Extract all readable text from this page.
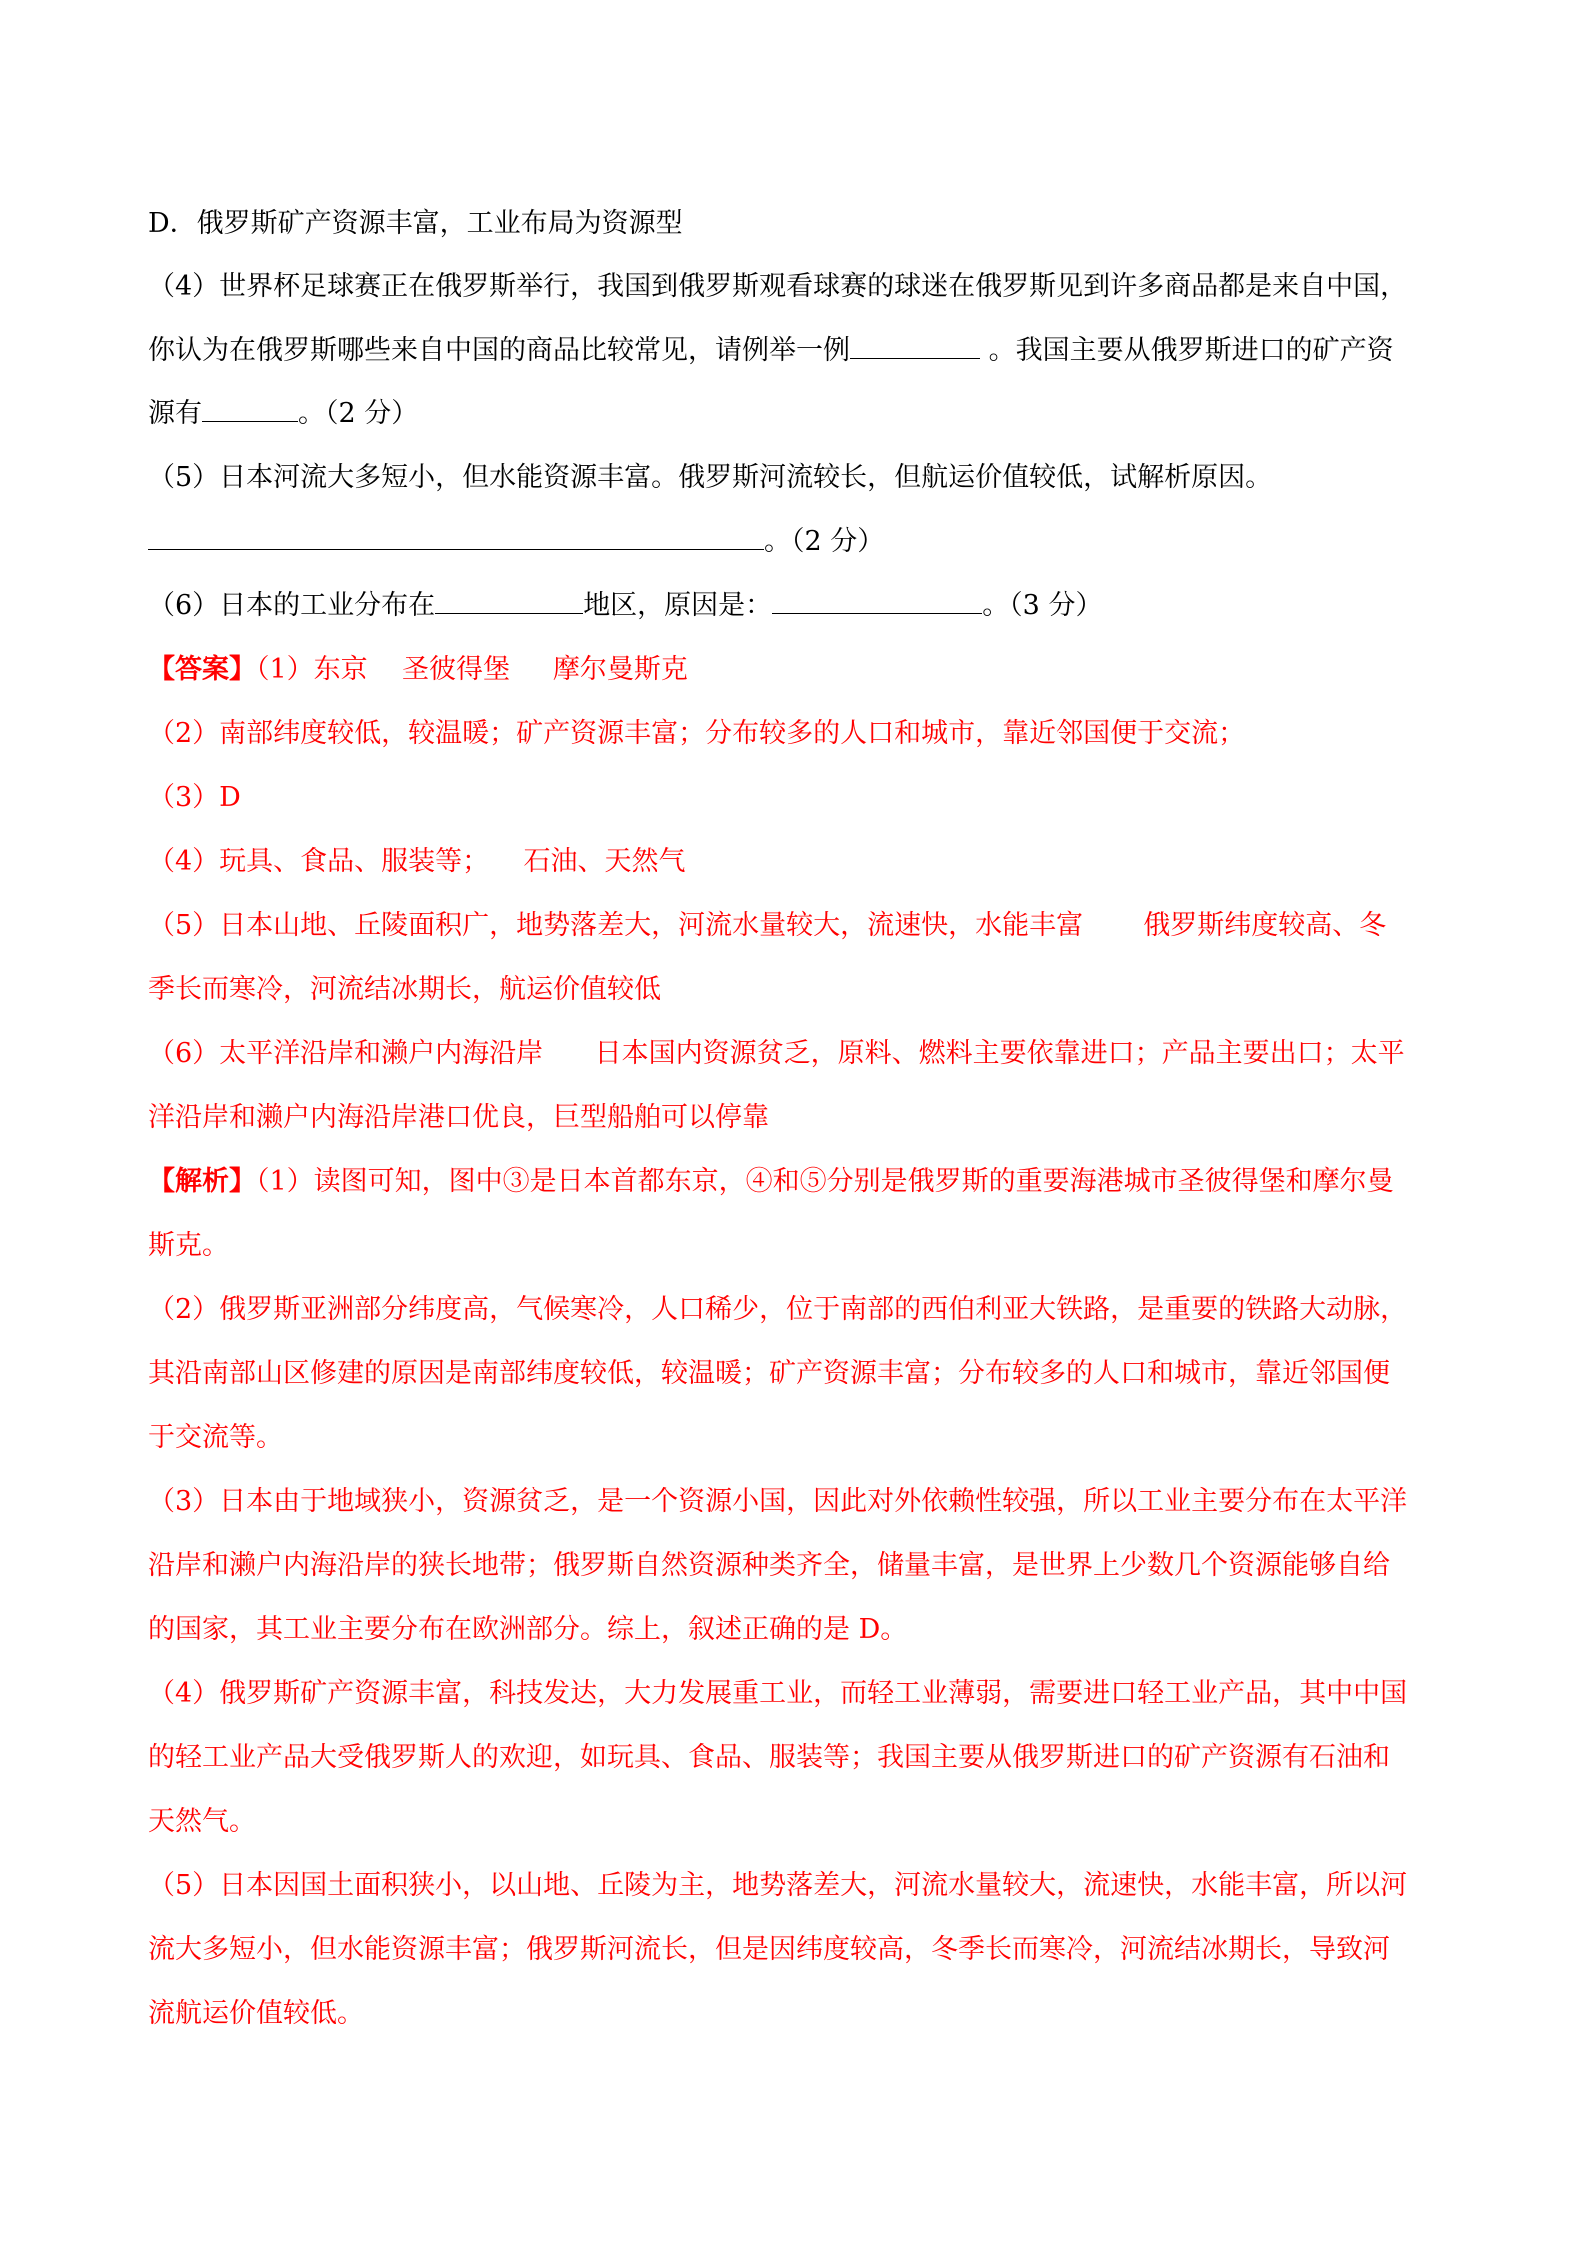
D．俄罗斯矿产资源丰富，工业布局为资源型
（4）世界杯足球赛正在俄罗斯举行，我国到俄罗斯观看球赛的球迷在俄罗斯见到许多商品都是来自中国，
你认为在俄罗斯哪些来自中国的商品比较常见，请例举一例	。我国主要从俄罗斯进口的矿产资
源有	。（2 分）
（5）日本河流大多短小，但水能资源丰富。俄罗斯河流较长，但航运价值较低，试解析原因。
。（2 分）
（6）日本的工业分布在	地区，原因是：	。（3 分）
【答案】（1）东京    圣彼得堡     摩尔曼斯克
（2）南部纬度较低，较温暖；矿产资源丰富；分布较多的人口和城市，靠近邻国便于交流；
（3）D
（4）玩具、食品、服装等；    石油、天然气
（5）日本山地、丘陵面积广，地势落差大，河流水量较大，流速快，水能丰富       俄罗斯纬度较高、冬
季长而寒冷，河流结冰期长，航运价值较低
（6）太平洋沿岸和濑户内海沿岸      日本国内资源贫乏，原料、燃料主要依靠进口；产品主要出口；太平
洋沿岸和濑户内海沿岸港口优良，巨型船舶可以停靠
【解析】（1）读图可知，图中③是日本首都东京，④和⑤分别是俄罗斯的重要海港城市圣彼得堡和摩尔曼
斯克。
（2）俄罗斯亚洲部分纬度高，气候寒冷，人口稀少，位于南部的西伯利亚大铁路，是重要的铁路大动脉，
其沿南部山区修建的原因是南部纬度较低，较温暖；矿产资源丰富；分布较多的人口和城市，靠近邻国便
于交流等。
（3）日本由于地域狭小，资源贫乏，是一个资源小国，因此对外依赖性较强，所以工业主要分布在太平洋
沿岸和濑户内海沿岸的狭长地带；俄罗斯自然资源种类齐全，储量丰富，是世界上少数几个资源能够自给
的国家，其工业主要分布在欧洲部分。综上，叙述正确的是 D。
（4）俄罗斯矿产资源丰富，科技发达，大力发展重工业，而轻工业薄弱，需要进口轻工业产品，其中中国
的轻工业产品大受俄罗斯人的欢迎，如玩具、食品、服装等；我国主要从俄罗斯进口的矿产资源有石油和
天然气。
（5）日本因国土面积狭小，以山地、丘陵为主，地势落差大，河流水量较大，流速快，水能丰富，所以河
流大多短小，但水能资源丰富；俄罗斯河流长，但是因纬度较高，冬季长而寒冷，河流结冰期长，导致河
流航运价值较低。
